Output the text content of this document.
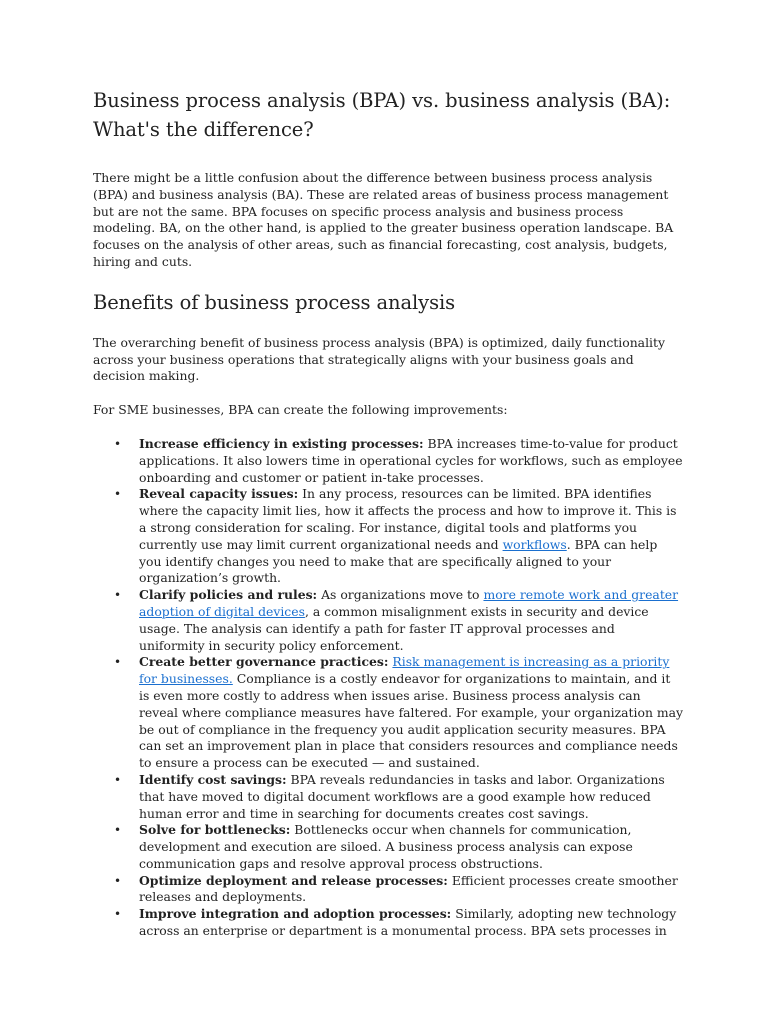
Business process analysis (BPA) vs. business analysis (BA): What's the difference?

There might be a little confusion about the difference between business process analysis (BPA) and business analysis (BA). These are related areas of business process management but are not the same. BPA focuses on specific process analysis and business process modeling. BA, on the other hand, is applied to the greater business operation landscape. BA focuses on the analysis of other areas, such as financial forecasting, cost analysis, budgets, hiring and cuts.

Benefits of business process analysis

The overarching benefit of business process analysis (BPA) is optimized, daily functionality across your business operations that strategically aligns with your business goals and decision making.

For SME businesses, BPA can create the following improvements:

• Increase efficiency in existing processes: BPA increases time-to-value for product applications. It also lowers time in operational cycles for workflows, such as employee onboarding and customer or patient in-take processes.
• Reveal capacity issues: In any process, resources can be limited. BPA identifies where the capacity limit lies, how it affects the process and how to improve it. This is a strong consideration for scaling. For instance, digital tools and platforms you currently use may limit current organizational needs and workflows. BPA can help you identify changes you need to make that are specifically aligned to your organization’s growth.
• Clarify policies and rules: As organizations move to more remote work and greater adoption of digital devices, a common misalignment exists in security and device usage. The analysis can identify a path for faster IT approval processes and uniformity in security policy enforcement.
• Create better governance practices: Risk management is increasing as a priority for businesses. Compliance is a costly endeavor for organizations to maintain, and it is even more costly to address when issues arise. Business process analysis can reveal where compliance measures have faltered. For example, your organization may be out of compliance in the frequency you audit application security measures. BPA can set an improvement plan in place that considers resources and compliance needs to ensure a process can be executed — and sustained.
• Identify cost savings: BPA reveals redundancies in tasks and labor. Organizations that have moved to digital document workflows are a good example how reduced human error and time in searching for documents creates cost savings.
• Solve for bottlenecks: Bottlenecks occur when channels for communication, development and execution are siloed. A business process analysis can expose communication gaps and resolve approval process obstructions.
• Optimize deployment and release processes: Efficient processes create smoother releases and deployments.
• Improve integration and adoption processes: Similarly, adopting new technology across an enterprise or department is a monumental process. BPA sets processes in
